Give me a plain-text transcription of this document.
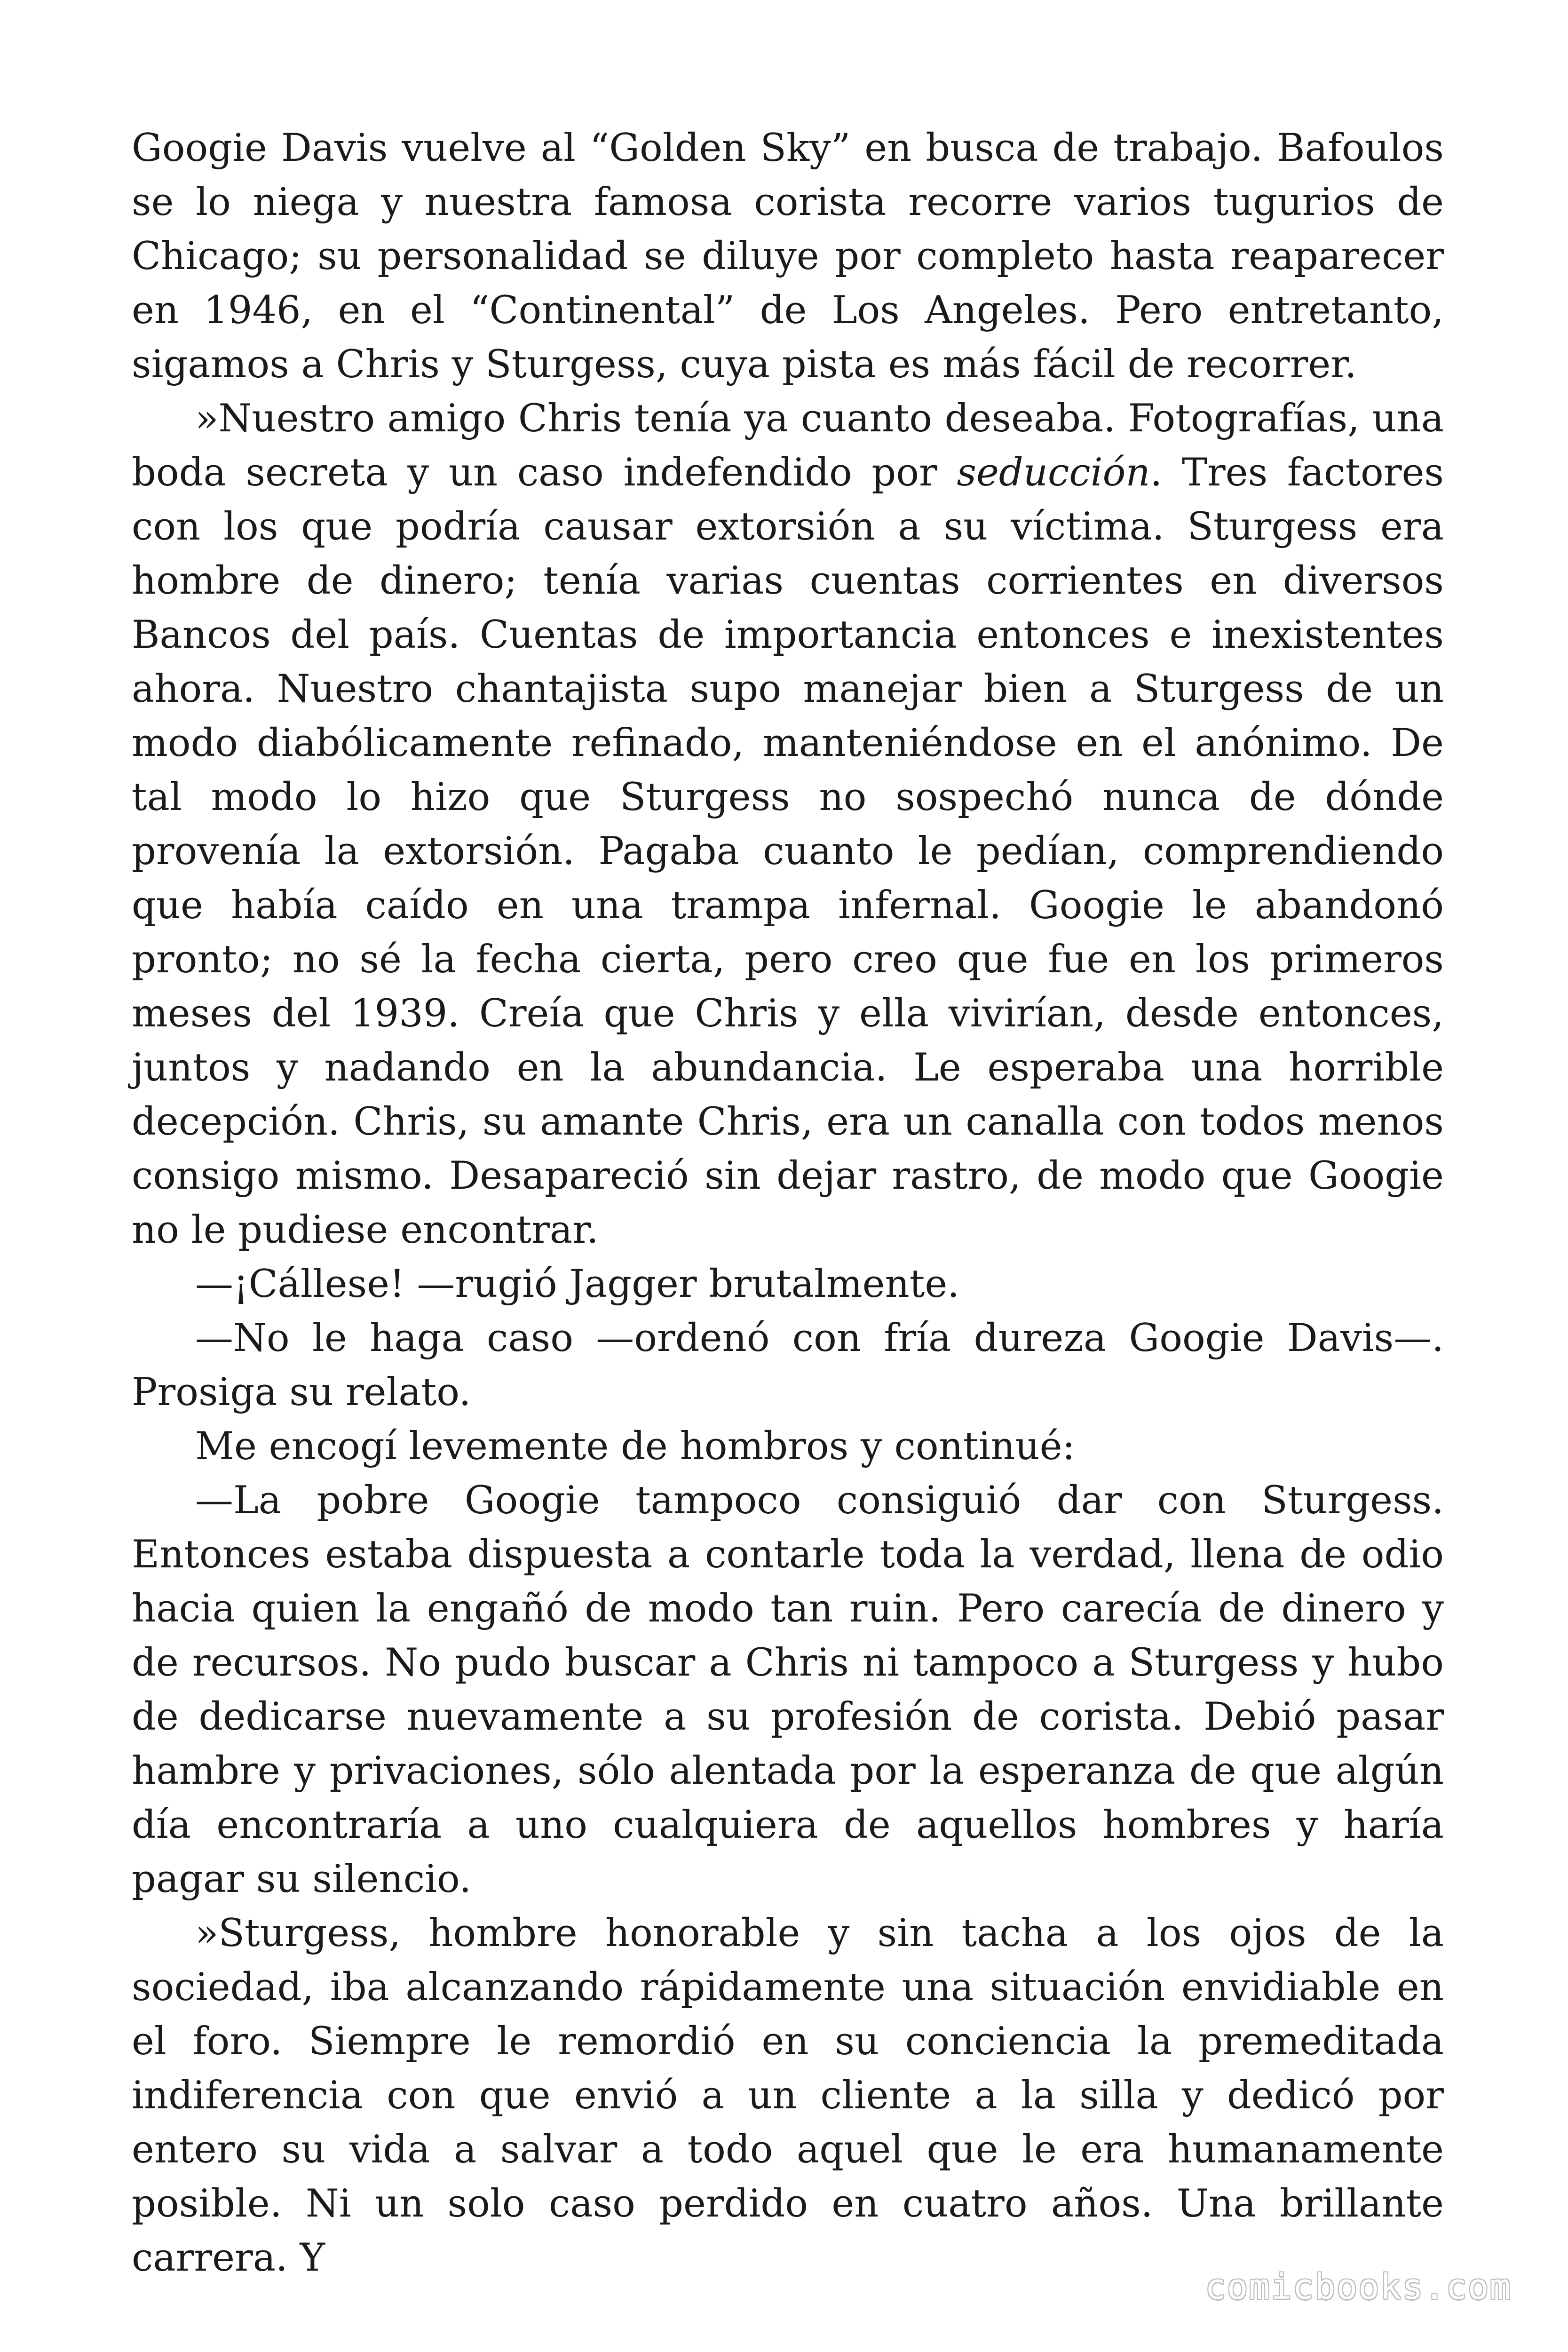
Googie Davis vuelve al “Golden Sky” en busca de trabajo. Bafoulos se lo niega y nuestra famosa corista recorre varios tugurios de Chicago; su personalidad se diluye por completo hasta reaparecer en 1946, en el “Continental” de Los Angeles. Pero entretanto, sigamos a Chris y Sturgess, cuya pista es más fácil de recorrer.

»Nuestro amigo Chris tenía ya cuanto deseaba. Fotografías, una boda secreta y un caso indefendido por seducción. Tres factores con los que podría causar extorsión a su víctima. Sturgess era hombre de dinero; tenía varias cuentas corrientes en diversos Bancos del país. Cuentas de importancia entonces e inexistentes ahora. Nuestro chantajista supo manejar bien a Sturgess de un modo diabólicamente refinado, manteniéndose en el anónimo. De tal modo lo hizo que Sturgess no sospechó nunca de dónde provenía la extorsión. Pagaba cuanto le pedían, comprendiendo que había caído en una trampa infernal. Googie le abandonó pronto; no sé la fecha cierta, pero creo que fue en los primeros meses del 1939. Creía que Chris y ella vivirían, desde entonces, juntos y nadando en la abundancia. Le esperaba una horrible decepción. Chris, su amante Chris, era un canalla con todos menos consigo mismo. Desapareció sin dejar rastro, de modo que Googie no le pudiese encontrar.

—¡Cállese! —rugió Jagger brutalmente.

—No le haga caso —ordenó con fría dureza Googie Davis—. Prosiga su relato.

Me encogí levemente de hombros y continué:

—La pobre Googie tampoco consiguió dar con Sturgess. Entonces estaba dispuesta a contarle toda la verdad, llena de odio hacia quien la engañó de modo tan ruin. Pero carecía de dinero y de recursos. No pudo buscar a Chris ni tampoco a Sturgess y hubo de dedicarse nuevamente a su profesión de corista. Debió pasar hambre y privaciones, sólo alentada por la esperanza de que algún día encontraría a uno cualquiera de aquellos hombres y haría pagar su silencio.

»Sturgess, hombre honorable y sin tacha a los ojos de la sociedad, iba alcanzando rápidamente una situación envidiable en el foro. Siempre le remordió en su conciencia la premeditada indiferencia con que envió a un cliente a la silla y dedicó por entero su vida a salvar a todo aquel que le era humanamente posible. Ni un solo caso perdido en cuatro años. Una brillante carrera. Y

comicbooks.com
